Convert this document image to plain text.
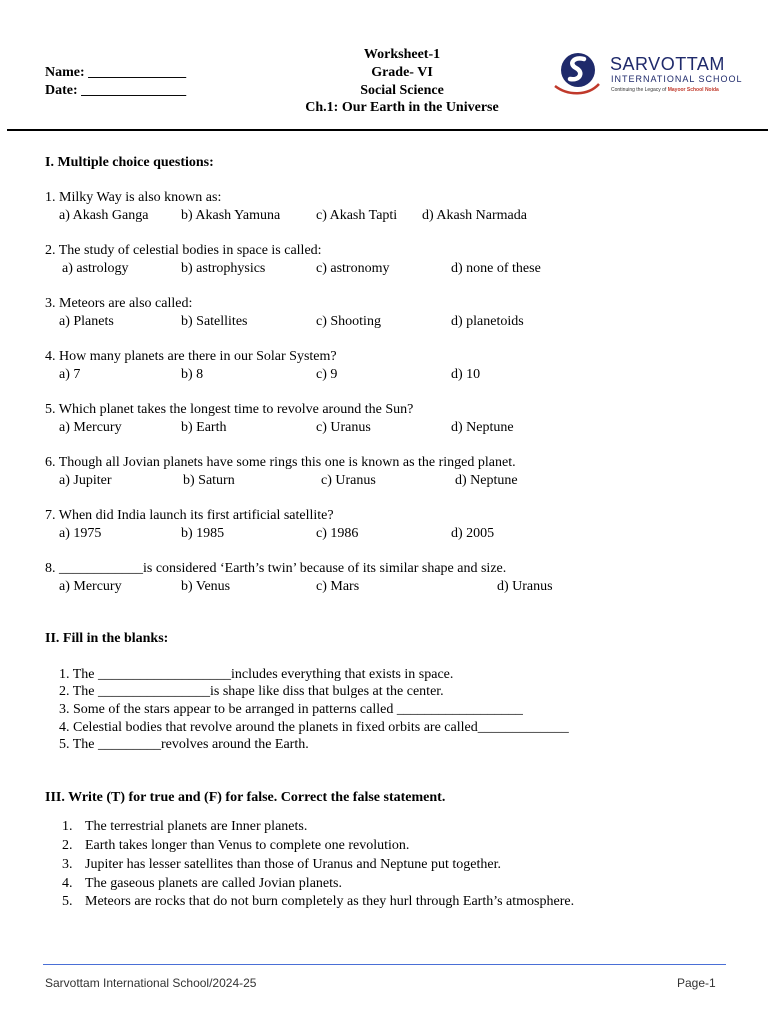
Name: ______________
Date: _______________
Worksheet-1
Grade- VI
Social Science
Ch.1: Our Earth in the Universe
SARVOTTAM
INTERNATIONAL SCHOOL
Continuing the Legacy of Mayoor School Noida
I. Multiple choice questions:
1. Milky Way is also known as:
a) Akash Ganga b) Akash Yamuna	c) Akash Tapti d) Akash Narmada
2. The study of celestial bodies in space is called:
a) astrology	b) astrophysics	c) astronomy	d) none of these
3. Meteors are also called:
a) Planets	b) Satellites	c) Shooting	d) planetoids
4. How many planets are there in our Solar System?
a) 7	b) 8	c) 9	d) 10
5. Which planet takes the longest time to revolve around the Sun?
a) Mercury	b) Earth	c) Uranus	d) Neptune
6. Though all Jovian planets have some rings this one is known as the ringed planet.
a) Jupiter	b) Saturn	c) Uranus	d) Neptune
7. When did India launch its first artificial satellite?
a) 1975	b) 1985	c) 1986	d) 2005
8. ____________is considered ‘Earth’s twin’ because of its similar shape and size.
a) Mercury	b) Venus	c) Mars	d) Uranus
II. Fill in the blanks:
1. The ___________________includes everything that exists in space.
2. The ________________is shape like diss that bulges at the center.
3. Some of the stars appear to be arranged in patterns called __________________
4. Celestial bodies that revolve around the planets in fixed orbits are called_____________
5. The _________revolves around the Earth.
III. Write (T) for true and (F) for false. Correct the false statement.
1. The terrestrial planets are Inner planets.
2. Earth takes longer than Venus to complete one revolution.
3. Jupiter has lesser satellites than those of Uranus and Neptune put together.
4. The gaseous planets are called Jovian planets.
5. Meteors are rocks that do not burn completely as they hurl through Earth’s atmosphere.
Sarvottam International School/2024-25	Page-1
